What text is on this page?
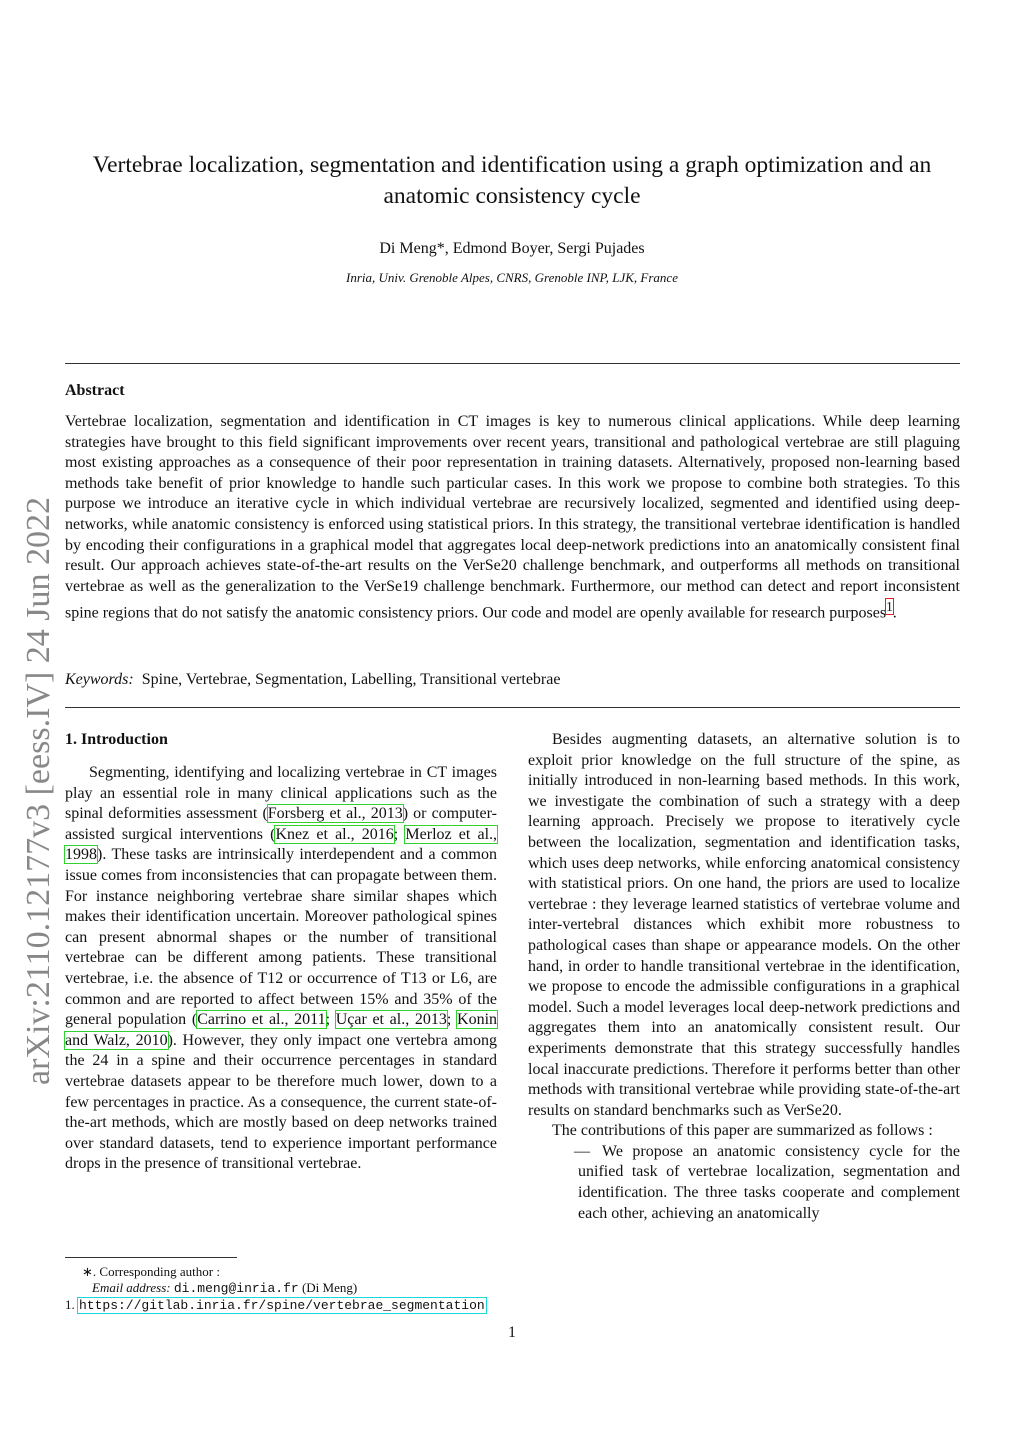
arXiv:2110.12177v3 [eess.IV] 24 Jun 2022
Vertebrae localization, segmentation and identification using a graph optimization and an anatomic consistency cycle
Di Meng*, Edmond Boyer, Sergi Pujades
Inria, Univ. Grenoble Alpes, CNRS, Grenoble INP, LJK, France
Abstract
Vertebrae localization, segmentation and identification in CT images is key to numerous clinical applications. While deep learning strategies have brought to this field significant improvements over recent years, transitional and pathological vertebrae are still plaguing most existing approaches as a consequence of their poor representation in training datasets. Alternatively, proposed non-learning based methods take benefit of prior knowledge to handle such particular cases. In this work we propose to combine both strategies. To this purpose we introduce an iterative cycle in which individual vertebrae are recursively localized, segmented and identified using deep-networks, while anatomic consistency is enforced using statistical priors. In this strategy, the transitional vertebrae identification is handled by encoding their configurations in a graphical model that aggregates local deep-network predictions into an anatomically consistent final result. Our approach achieves state-of-the-art results on the VerSe20 challenge benchmark, and outperforms all methods on transitional vertebrae as well as the generalization to the VerSe19 challenge benchmark. Furthermore, our method can detect and report inconsistent spine regions that do not satisfy the anatomic consistency priors. Our code and model are openly available for research purposes$^1$.
Keywords: Spine, Vertebrae, Segmentation, Labelling, Transitional vertebrae
1. Introduction

Segmenting, identifying and localizing vertebrae in CT images play an essential role in many clinical applications such as the spinal deformities assessment (Forsberg et al., 2013) or computer-assisted surgical interventions (Knez et al., 2016; Merloz et al., 1998). These tasks are intrinsically interdependent and a common issue comes from inconsistencies that can propagate between them. For instance neighboring vertebrae share similar shapes which makes their identification uncertain. Moreover pathological spines can present abnormal shapes or the number of transitional vertebrae can be different among patients. These transitional vertebrae, i.e. the absence of T12 or occurrence of T13 or L6, are common and are reported to affect between 15% and 35% of the general population (Carrino et al., 2011; Uçar et al., 2013; Konin and Walz, 2010). However, they only impact one vertebra among the 24 in a spine and their occurrence percentages in standard vertebrae datasets appear to be therefore much lower, down to a few percentages in practice. As a consequence, the current state-of-the-art methods, which are mostly based on deep networks trained over standard datasets, tend to experience important performance drops in the presence of transitional vertebrae.

Besides augmenting datasets, an alternative solution is to exploit prior knowledge on the full structure of the spine, as initially introduced in non-learning based methods. In this work, we investigate the combination of such a strategy with a deep learning approach. Precisely we propose to iteratively cycle between the localization, segmentation and identification tasks, which uses deep networks, while enforcing anatomical consistency with statistical priors. On one hand, the priors are used to localize vertebrae : they leverage learned statistics of vertebrae volume and inter-vertebral distances which exhibit more robustness to pathological cases than shape or appearance models. On the other hand, in order to handle transitional vertebrae in the identification, we propose to encode the admissible configurations in a graphical model. Such a model leverages local deep-network predictions and aggregates them into an anatomically consistent result. Our experiments demonstrate that this strategy successfully handles local inaccurate predictions. Therefore it performs better than other methods with transitional vertebrae while providing state-of-the-art results on standard benchmarks such as VerSe20.

The contributions of this paper are summarized as follows :

— We propose an anatomic consistency cycle for the unified task of vertebrae localization, segmentation and identification. The three tasks cooperate and complement each other, achieving an anatomically

∗. Corresponding author :
Email address: di.meng@inria.fr (Di Meng)
1. https://gitlab.inria.fr/spine/vertebrae_segmentation
1
